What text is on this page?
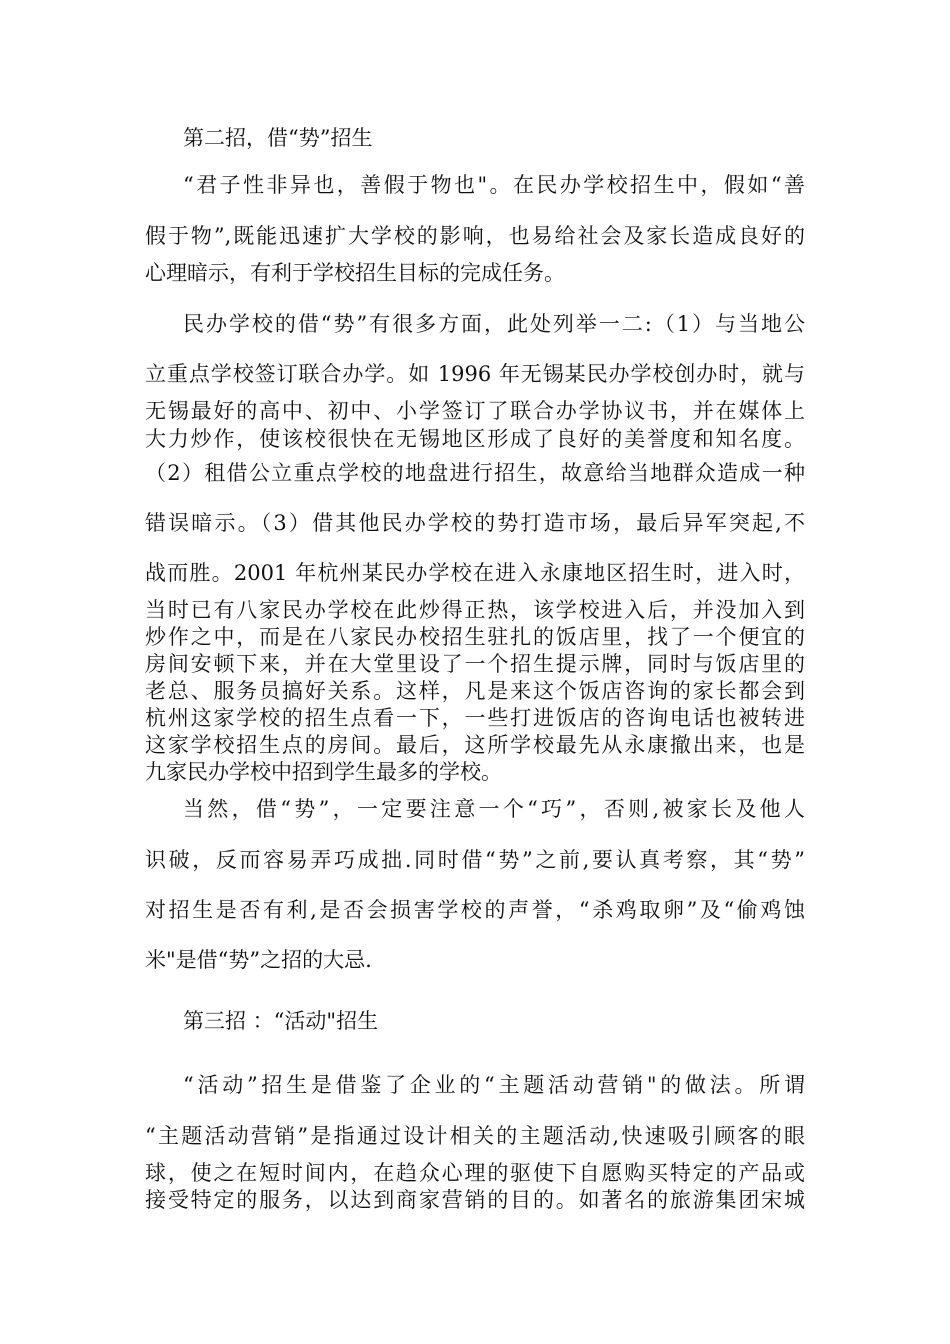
第二招，借“势”招生
“君子性非异也，善假于物也"。在民办学校招生中，假如“善
假于物”,既能迅速扩大学校的影响，也易给社会及家长造成良好的
心理暗示，有利于学校招生目标的完成任务。
民办学校的借“势”有很多方面，此处列举一二:（1）与当地公
立重点学校签订联合办学。如 1996 年无锡某民办学校创办时，就与
无锡最好的高中、初中、小学签订了联合办学协议书，并在媒体上
大力炒作，使该校很快在无锡地区形成了良好的美誉度和知名度。
（2）租借公立重点学校的地盘进行招生，故意给当地群众造成一种
错误暗示。（3）借其他民办学校的势打造市场，最后异军突起,不
战而胜。2001 年杭州某民办学校在进入永康地区招生时，进入时，
当时已有八家民办学校在此炒得正热，该学校进入后，并没加入到
炒作之中，而是在八家民办校招生驻扎的饭店里，找了一个便宜的
房间安顿下来，并在大堂里设了一个招生提示牌，同时与饭店里的
老总、服务员搞好关系。这样，凡是来这个饭店咨询的家长都会到
杭州这家学校的招生点看一下，一些打进饭店的咨询电话也被转进
这家学校招生点的房间。最后，这所学校最先从永康撤出来，也是
九家民办学校中招到学生最多的学校。
当然，借“势”，一定要注意一个“巧”，否则,被家长及他人
识破，反而容易弄巧成拙.同时借“势”之前,要认真考察，其“势”
对招生是否有利,是否会损害学校的声誉，“杀鸡取卵”及“偷鸡蚀
米"是借“势”之招的大忌.
第三招 ：“活动"招生
“活动”招生是借鉴了企业的“主题活动营销"的做法。所谓
“主题活动营销”是指通过设计相关的主题活动,快速吸引顾客的眼
球，使之在短时间内，在趋众心理的驱使下自愿购买特定的产品或
接受特定的服务，以达到商家营销的目的。如著名的旅游集团宋城
